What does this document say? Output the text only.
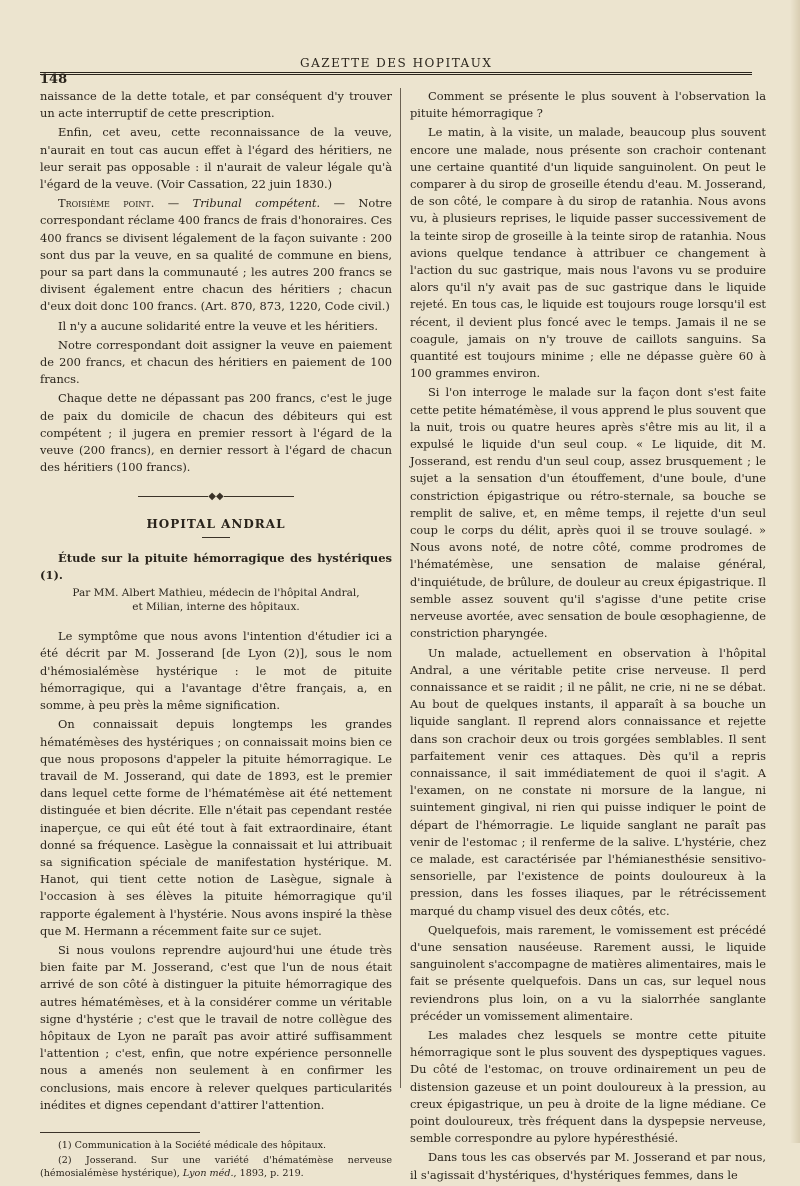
148
GAZETTE DES HOPITAUX

naissance de la dette totale, et par conséquent d'y trouver un acte interruptif de cette prescription.

Enfin, cet aveu, cette reconnaissance de la veuve, n'aurait en tout cas aucun effet à l'égard des héritiers, ne leur serait pas opposable : il n'aurait de valeur légale qu'à l'égard de la veuve. (Voir Cassation, 22 juin 1830.)

Troisième point. — Tribunal compétent. — Notre correspondant réclame 400 francs de frais d'honoraires. Ces 400 francs se divisent légalement de la façon suivante : 200 sont dus par la veuve, en sa qualité de commune en biens, pour sa part dans la communauté ; les autres 200 francs se divisent également entre chacun des héritiers ; chacun d'eux doit donc 100 francs. (Art. 870, 873, 1220, Code civil.)

Il n'y a aucune solidarité entre la veuve et les héritiers.

Notre correspondant doit assigner la veuve en paiement de 200 francs, et chacun des héritiers en paiement de 100 francs.

Chaque dette ne dépassant pas 200 francs, c'est le juge de paix du domicile de chacun des débiteurs qui est compétent ; il jugera en premier ressort à l'égard de la veuve (200 francs), en dernier ressort à l'égard de chacun des héritiers (100 francs).

◆◆
HOPITAL ANDRAL

Étude sur la pituite hémorragique des hystériques (1).

Par MM. Albert Mathieu, médecin de l'hôpital Andral,
et Milian, interne des hôpitaux.

Le symptôme que nous avons l'intention d'étudier ici a été décrit par M. Josserand [de Lyon (2)], sous le nom d'hémosialémèse hystérique : le mot de pituite hémorragique, qui a l'avantage d'être français, a, en somme, à peu près la même signification.

On connaissait depuis longtemps les grandes hématémèses des hystériques ; on connaissait moins bien ce que nous proposons d'appeler la pituite hémorragique. Le travail de M. Josserand, qui date de 1893, est le premier dans lequel cette forme de l'hématémèse ait été nettement distinguée et bien décrite. Elle n'était pas cependant restée inaperçue, ce qui eût été tout à fait extraordinaire, étant donné sa fréquence. Lasègue la connaissait et lui attribuait sa signification spéciale de manifestation hystérique. M. Hanot, qui tient cette notion de Lasègue, signale à l'occasion à ses élèves la pituite hémorragique qu'il rapporte également à l'hystérie. Nous avons inspiré la thèse que M. Hermann a récemment faite sur ce sujet.

Si nous voulons reprendre aujourd'hui une étude très bien faite par M. Josserand, c'est que l'un de nous était arrivé de son côté à distinguer la pituite hémorragique des autres hématémèses, et à la considérer comme un véritable signe d'hystérie ; c'est que le travail de notre collègue des hôpitaux de Lyon ne paraît pas avoir attiré suffisamment l'attention ; c'est, enfin, que notre expérience personnelle nous a amenés non seulement à en confirmer les conclusions, mais encore à relever quelques particularités inédites et dignes cependant d'attirer l'attention.

(1) Communication à la Société médicale des hôpitaux.

(2) Josserand. Sur une variété d'hématémèse nerveuse (hémosialémèse hystérique), Lyon méd., 1893, p. 219.

Comment se présente le plus souvent à l'observation la pituite hémorragique ?

Le matin, à la visite, un malade, beaucoup plus souvent encore une malade, nous présente son crachoir contenant une certaine quantité d'un liquide sanguinolent. On peut le comparer à du sirop de groseille étendu d'eau. M. Josserand, de son côté, le compare à du sirop de ratanhia. Nous avons vu, à plusieurs reprises, le liquide passer successivement de la teinte sirop de groseille à la teinte sirop de ratanhia. Nous avions quelque tendance à attribuer ce changement à l'action du suc gastrique, mais nous l'avons vu se produire alors qu'il n'y avait pas de suc gastrique dans le liquide rejeté. En tous cas, le liquide est toujours rouge lorsqu'il est récent, il devient plus foncé avec le temps. Jamais il ne se coagule, jamais on n'y trouve de caillots sanguins. Sa quantité est toujours minime ; elle ne dépasse guère 60 à 100 grammes environ.

Si l'on interroge le malade sur la façon dont s'est faite cette petite hématémèse, il vous apprend le plus souvent que la nuit, trois ou quatre heures après s'être mis au lit, il a expulsé le liquide d'un seul coup. « Le liquide, dit M. Josserand, est rendu d'un seul coup, assez brusquement ; le sujet a la sensation d'un étouffement, d'une boule, d'une constriction épigastrique ou rétro-sternale, sa bouche se remplit de salive, et, en même temps, il rejette d'un seul coup le corps du délit, après quoi il se trouve soulagé. » Nous avons noté, de notre côté, comme prodromes de l'hématémèse, une sensation de malaise général, d'inquiétude, de brûlure, de douleur au creux épigastrique. Il semble assez souvent qu'il s'agisse d'une petite crise nerveuse avortée, avec sensation de boule œsophagienne, de constriction pharyngée.

Un malade, actuellement en observation à l'hôpital Andral, a une véritable petite crise nerveuse. Il perd connaissance et se raidit ; il ne pâlit, ne crie, ni ne se débat. Au bout de quelques instants, il apparaît à sa bouche un liquide sanglant. Il reprend alors connaissance et rejette dans son crachoir deux ou trois gorgées semblables. Il sent parfaitement venir ces attaques. Dès qu'il a repris connaissance, il sait immédiatement de quoi il s'agit. A l'examen, on ne constate ni morsure de la langue, ni suintement gingival, ni rien qui puisse indiquer le point de départ de l'hémorragie. Le liquide sanglant ne paraît pas venir de l'estomac ; il renferme de la salive. L'hystérie, chez ce malade, est caractérisée par l'hémianesthésie sensitivo-sensorielle, par l'existence de points douloureux à la pression, dans les fosses iliaques, par le rétrécissement marqué du champ visuel des deux côtés, etc.

Quelquefois, mais rarement, le vomissement est précédé d'une sensation nauséeuse. Rarement aussi, le liquide sanguinolent s'accompagne de matières alimentaires, mais le fait se présente quelquefois. Dans un cas, sur lequel nous reviendrons plus loin, on a vu la sialorrhée sanglante précéder un vomissement alimentaire.

Les malades chez lesquels se montre cette pituite hémorragique sont le plus souvent des dyspeptiques vagues. Du côté de l'estomac, on trouve ordinairement un peu de distension gazeuse et un point douloureux à la pression, au creux épigastrique, un peu à droite de la ligne médiane. Ce point douloureux, très fréquent dans la dyspepsie nerveuse, semble correspondre au pylore hypéresthésié.

Dans tous les cas observés par M. Josserand et par nous, il s'agissait d'hystériques, d'hystériques femmes, dans le
